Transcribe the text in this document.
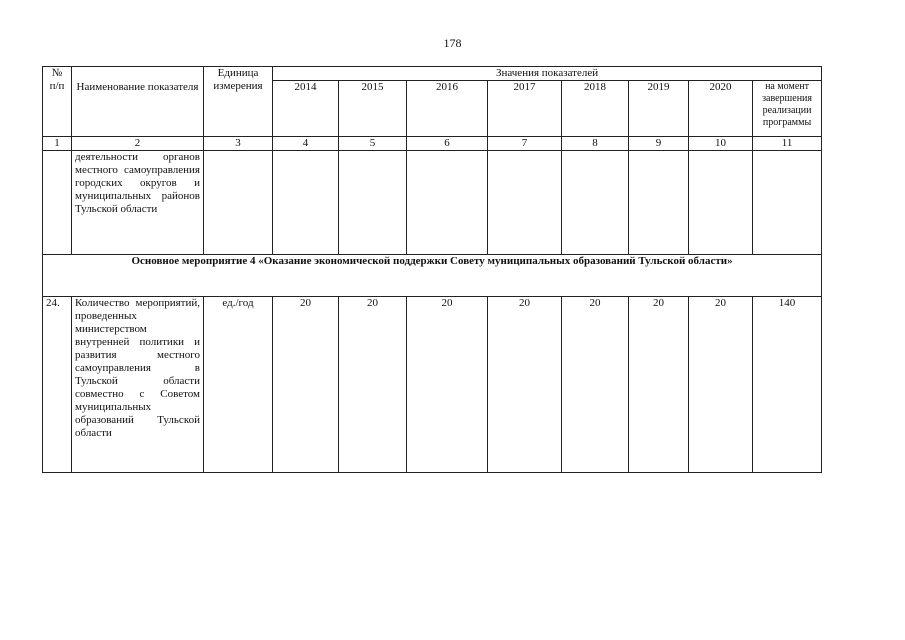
178
№ п/п	Наименование показателя	Единица измерения	Значения показателей							
			2014	2015	2016	2017	2018	2019	2020	на момент завершения реализации программы
1	2	3	4	5	6	7	8	9	10	11
	деятельности органов местного самоуправления городских округов и муниципальных районов Тульской области									
Основное мероприятие 4 «Оказание экономической поддержки Совету муниципальных образований Тульской области»										
24.	Количество мероприятий, проведенных министерством внутренней политики и развития местного самоуправления в Тульской области совместно с Советом муниципальных образований Тульской области	ед./год	20	20	20	20	20	20	20	140
